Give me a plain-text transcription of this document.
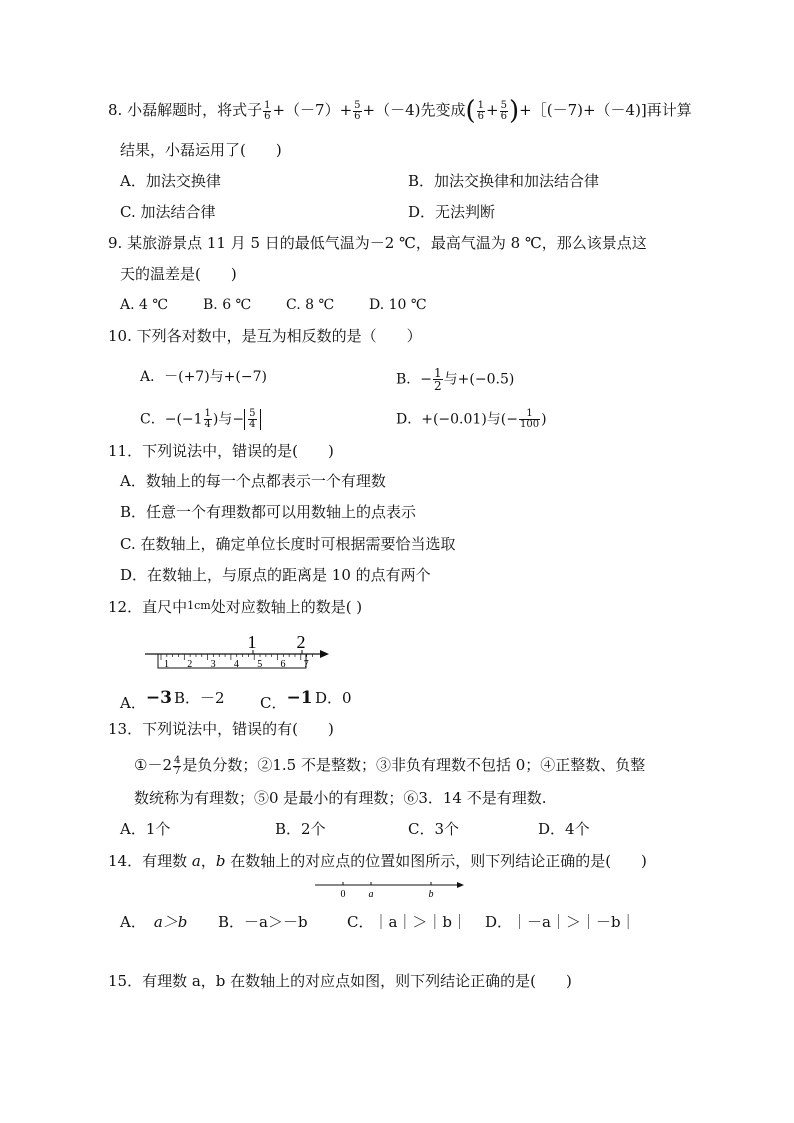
8. 小磊解题时，将式子 $\frac{1}{6} +(-7)+ \frac{5}{6} +(-4)$先变成( $\frac{1}{6} + \frac{5}{6}$ )+［(－7)+（－4)]再计算
结果，小磊运用了(　　)
A．加法交换律	B．加法交换律和加法结合律
C. 加法结合律	D．无法判断
9. 某旅游景点 11 月 5 日的最低气温为－2 ℃，最高气温为 8 ℃，那么该景点这
天的温差是(　　)
A. 4 ℃ B. 6 ℃ C. 8 ℃ D. 10 ℃
10. 下列各对数中，是互为相反数的是（　　）
A．－(+7)与+(−7)	B．− $\frac{1}{2}$ 与+(−0.5)
C．$-(-1 \frac{1}{4}$ )与− $\frac{5}{4}$	D．+(−0.01)与(− $\frac{1}{100}$ )
11．下列说法中，错误的是(　　)
A．数轴上的每一个点都表示一个有理数
B．任意一个有理数都可以用数轴上的点表示
C. 在数轴上，确定单位长度时可根据需要恰当选取
D．在数轴上，与原点的距离是 10 的点有两个
12．直尺中$^{1cm}$处对应数轴上的数是( )
1 2
1 2 3 4 5 6 7
A．−3 B．－2 C．−1 D．0
13．下列说法中，错误的有(　　)
①－2 $\frac{4}{7}$ 是负分数；②1.5 不是整数；③非负有理数不包括 0；④正整数、负整
数统称为有理数；⑤0 是最小的有理数；⑥3．14 不是有理数.
A．1个	B．2个	C．3个	D．4个
14．有理数 a，b 在数轴上的对应点的位置如图所示，则下列结论正确的是(　　)
0 a	b
A． a＞b B．－a＞－b	C．｜a｜＞｜b｜ D．｜－a｜＞｜－b｜
15．有理数 a，b 在数轴上的对应点如图，则下列结论正确的是(　　)
